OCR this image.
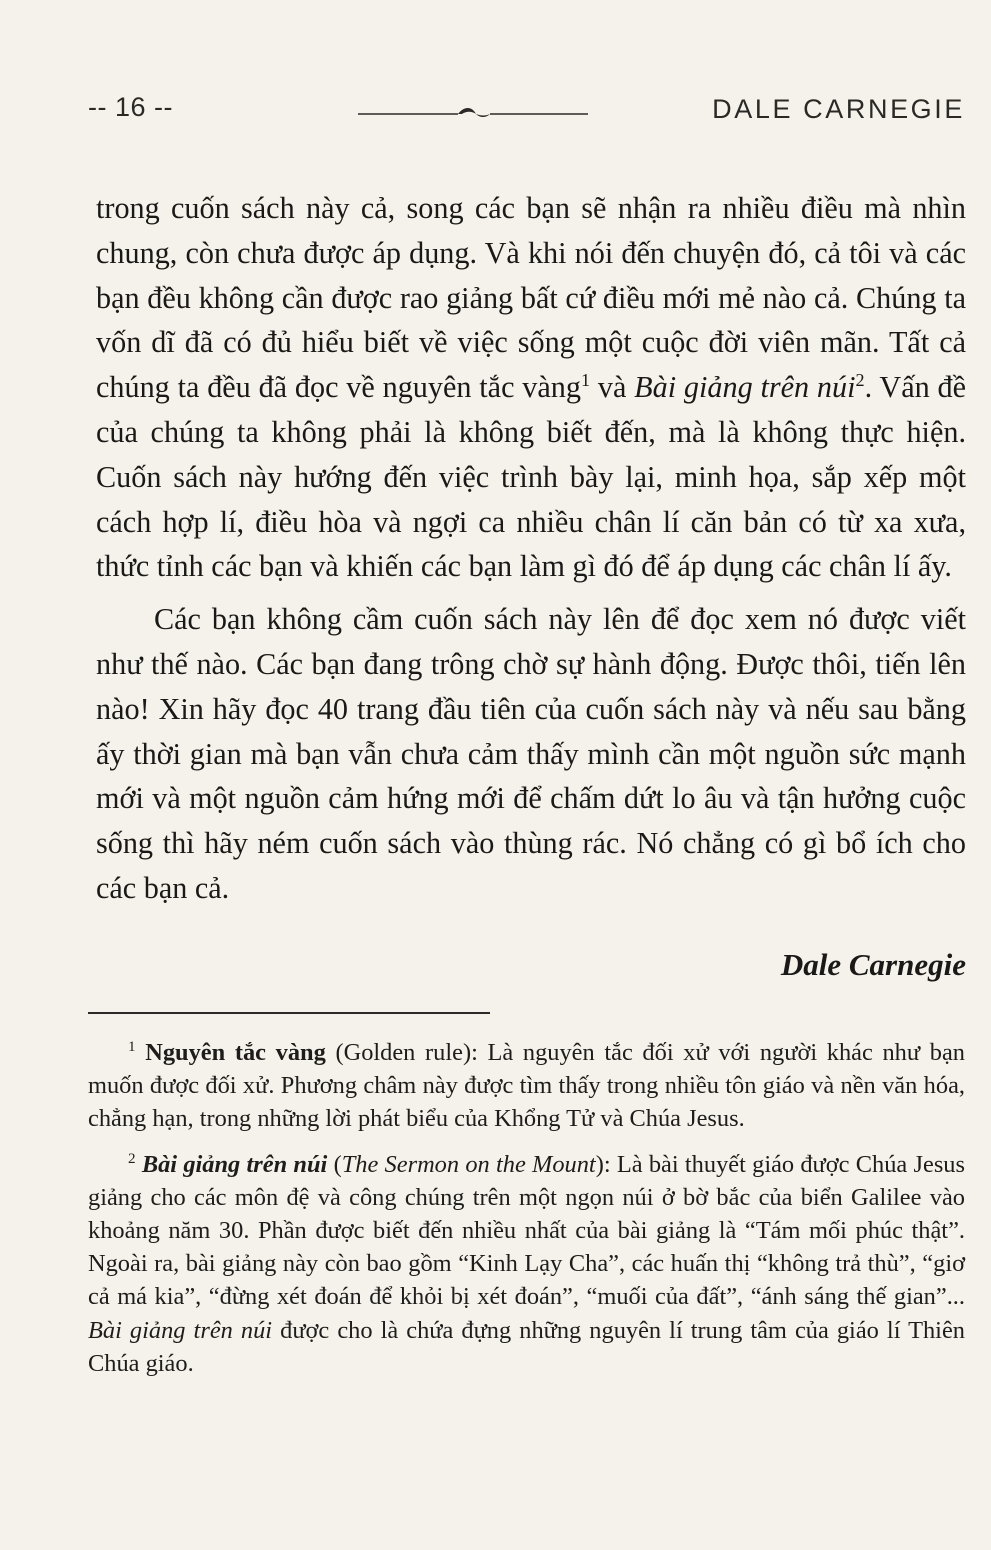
-- 16 --	DALE CARNEGIE

trong cuốn sách này cả, song các bạn sẽ nhận ra nhiều điều mà nhìn chung, còn chưa được áp dụng. Và khi nói đến chuyện đó, cả tôi và các bạn đều không cần được rao giảng bất cứ điều mới mẻ nào cả. Chúng ta vốn dĩ đã có đủ hiểu biết về việc sống một cuộc đời viên mãn. Tất cả chúng ta đều đã đọc về nguyên tắc vàng$^1$ và Bài giảng trên núi$^2$. Vấn đề của chúng ta không phải là không biết đến, mà là không thực hiện. Cuốn sách này hướng đến việc trình bày lại, minh họa, sắp xếp một cách hợp lí, điều hòa và ngợi ca nhiều chân lí căn bản có từ xa xưa, thức tỉnh các bạn và khiến các bạn làm gì đó để áp dụng các chân lí ấy.

Các bạn không cầm cuốn sách này lên để đọc xem nó được viết như thế nào. Các bạn đang trông chờ sự hành động. Được thôi, tiến lên nào! Xin hãy đọc 40 trang đầu tiên của cuốn sách này và nếu sau bằng ấy thời gian mà bạn vẫn chưa cảm thấy mình cần một nguồn sức mạnh mới và một nguồn cảm hứng mới để chấm dứt lo âu và tận hưởng cuộc sống thì hãy ném cuốn sách vào thùng rác. Nó chẳng có gì bổ ích cho các bạn cả.

Dale Carnegie

$^1$ Nguyên tắc vàng (Golden rule): Là nguyên tắc đối xử với người khác như bạn muốn được đối xử. Phương châm này được tìm thấy trong nhiều tôn giáo và nền văn hóa, chẳng hạn, trong những lời phát biểu của Khổng Tử và Chúa Jesus.

$^2$ Bài giảng trên núi (The Sermon on the Mount): Là bài thuyết giáo được Chúa Jesus giảng cho các môn đệ và công chúng trên một ngọn núi ở bờ bắc của biển Galilee vào khoảng năm 30. Phần được biết đến nhiều nhất của bài giảng là “Tám mối phúc thật”. Ngoài ra, bài giảng này còn bao gồm “Kinh Lạy Cha”, các huấn thị “không trả thù”, “giơ cả má kia”, “đừng xét đoán để khỏi bị xét đoán”, “muối của đất”, “ánh sáng thế gian”... Bài giảng trên núi được cho là chứa đựng những nguyên lí trung tâm của giáo lí Thiên Chúa giáo.
